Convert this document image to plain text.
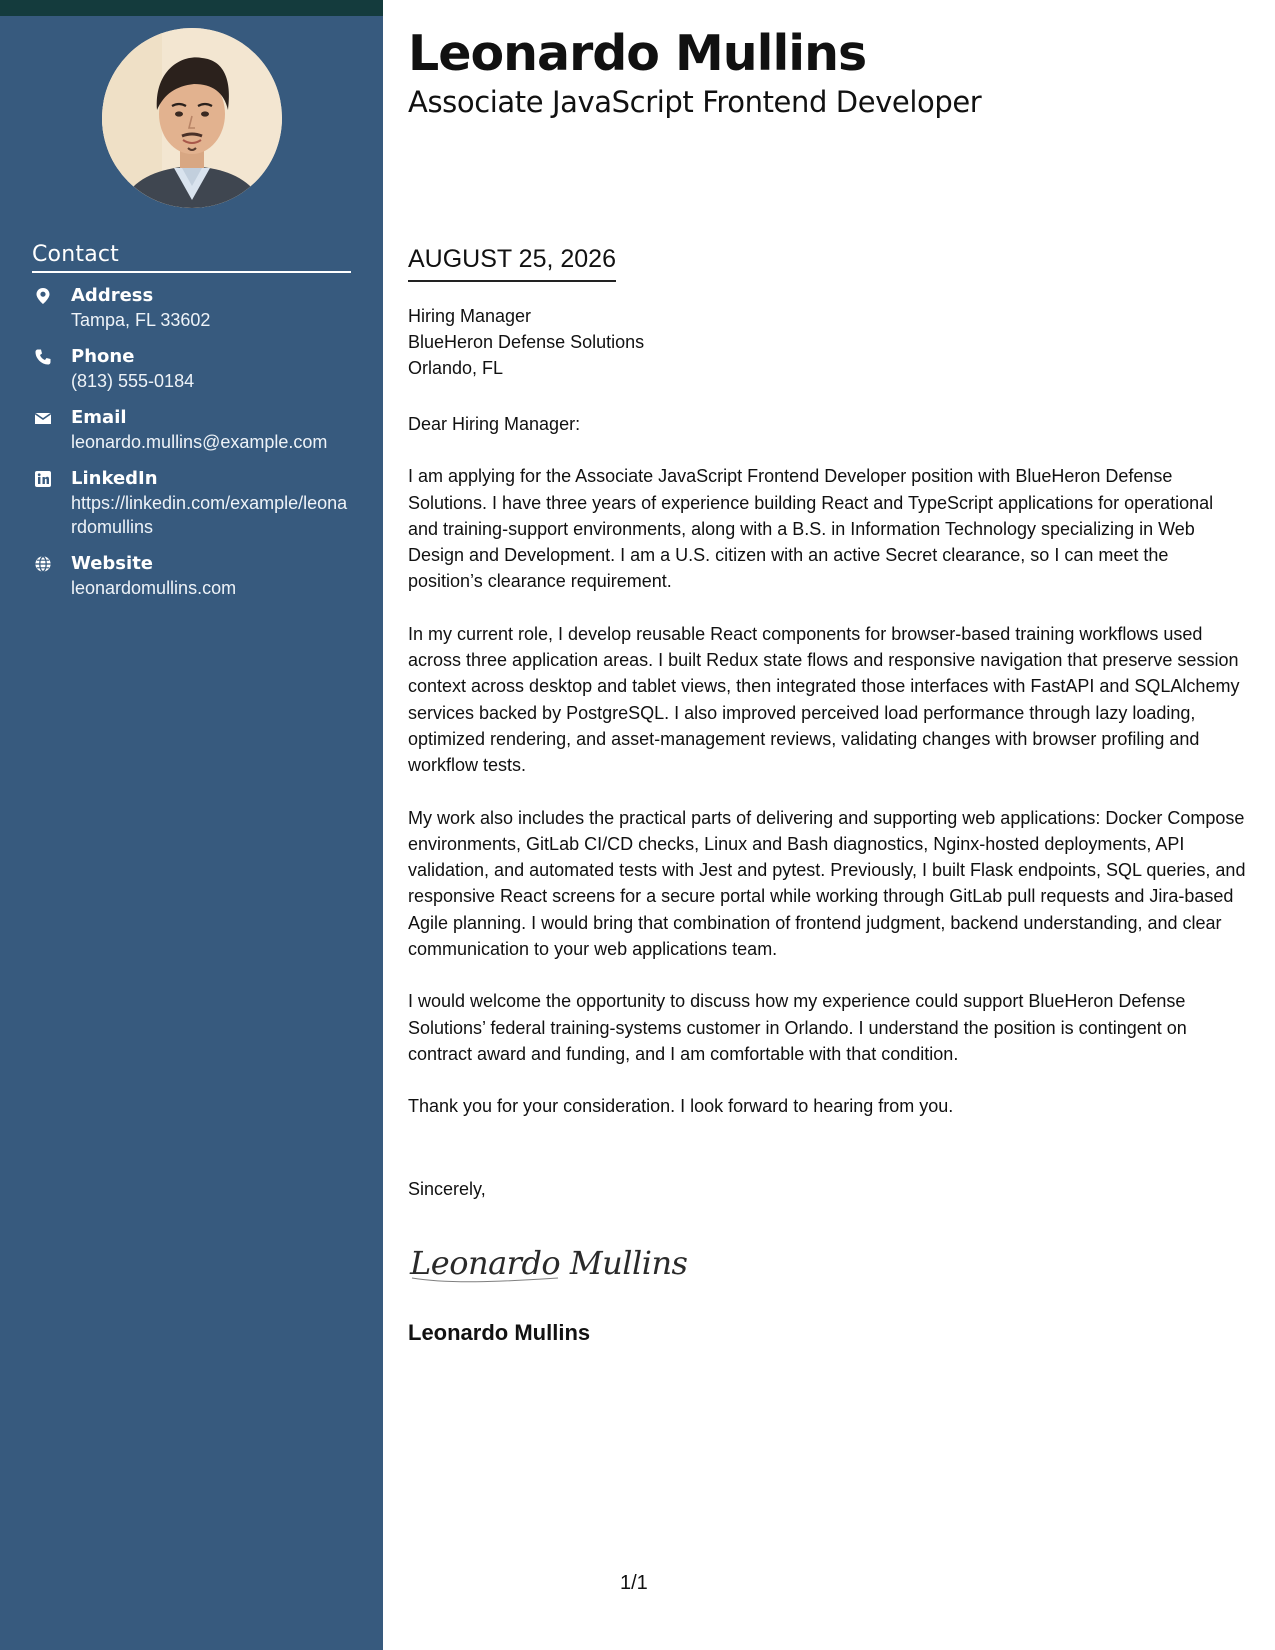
Contact
Address
Tampa, FL 33602
Phone
(813) 555-0184
Email
leonardo.mullins@example.com
LinkedIn
https://linkedin.com/example/leonardomullins
Website
leonardomullins.com
Leonardo Mullins
Associate JavaScript Frontend Developer
AUGUST 25, 2026
Hiring Manager
BlueHeron Defense Solutions
Orlando, FL

Dear Hiring Manager:

I am applying for the Associate JavaScript Frontend Developer position with BlueHeron Defense Solutions. I have three years of experience building React and TypeScript applications for operational and training-support environments, along with a B.S. in Information Technology specializing in Web Design and Development. I am a U.S. citizen with an active Secret clearance, so I can meet the position’s clearance requirement.

In my current role, I develop reusable React components for browser-based training workflows used across three application areas. I built Redux state flows and responsive navigation that preserve session context across desktop and tablet views, then integrated those interfaces with FastAPI and SQLAlchemy services backed by PostgreSQL. I also improved perceived load performance through lazy loading, optimized rendering, and asset-management reviews, validating changes with browser profiling and workflow tests.

My work also includes the practical parts of delivering and supporting web applications: Docker Compose environments, GitLab CI/CD checks, Linux and Bash diagnostics, Nginx-hosted deployments, API validation, and automated tests with Jest and pytest. Previously, I built Flask endpoints, SQL queries, and responsive React screens for a secure portal while working through GitLab pull requests and Jira-based Agile planning. I would bring that combination of frontend judgment, backend understanding, and clear communication to your web applications team.

I would welcome the opportunity to discuss how my experience could support BlueHeron Defense Solutions’ federal training-systems customer in Orlando. I understand the position is contingent on contract award and funding, and I am comfortable with that condition.

Thank you for your consideration. I look forward to hearing from you.

Sincerely,
Leonardo Mullins
Leonardo Mullins
1/1
